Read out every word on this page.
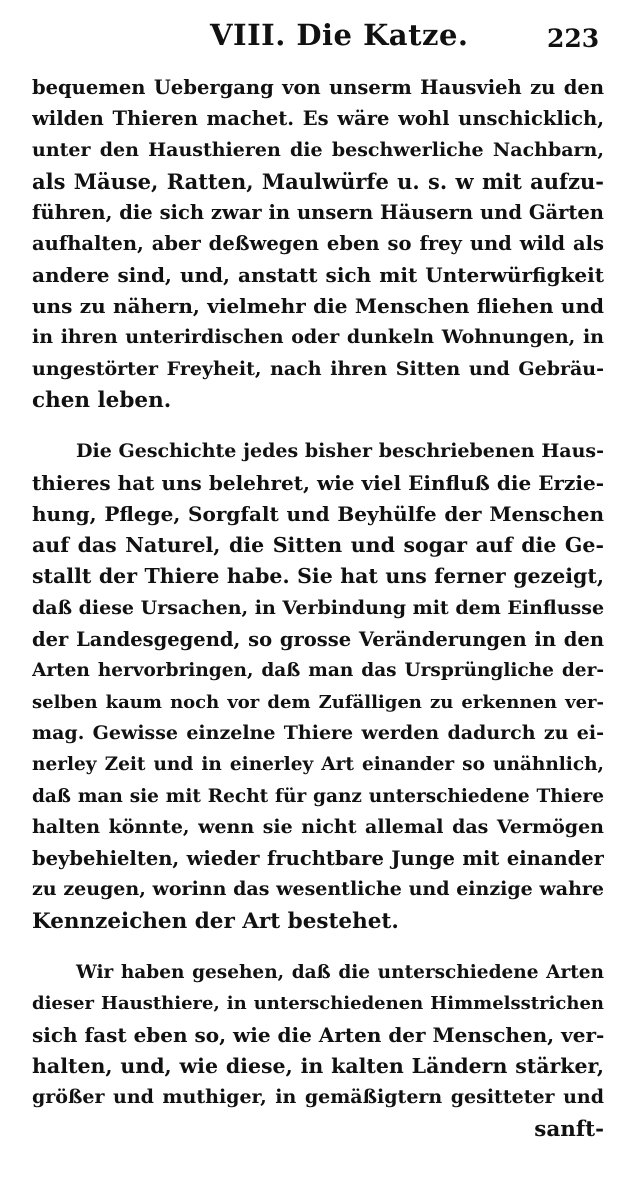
VIII. Die Katze.	223
bequemen Uebergang von unserm Hausvieh zu den
wilden Thieren machet. Es wäre wohl unschicklich,
unter den Hausthieren die beschwerliche Nachbarn,
als Mäuse, Ratten, Maulwürfe u. s. w mit aufzu-
führen, die sich zwar in unsern Häusern und Gärten
aufhalten, aber deßwegen eben so frey und wild als
andere sind, und, anstatt sich mit Unterwürfigkeit
uns zu nähern, vielmehr die Menschen fliehen und
in ihren unterirdischen oder dunkeln Wohnungen, in
ungestörter Freyheit, nach ihren Sitten und Gebräu-
chen leben.
Die Geschichte jedes bisher beschriebenen Haus-
thieres hat uns belehret, wie viel Einfluß die Erzie-
hung, Pflege, Sorgfalt und Beyhülfe der Menschen
auf das Naturel, die Sitten und sogar auf die Ge-
stallt der Thiere habe. Sie hat uns ferner gezeigt,
daß diese Ursachen, in Verbindung mit dem Einflusse
der Landesgegend, so grosse Veränderungen in den
Arten hervorbringen, daß man das Ursprüngliche der-
selben kaum noch vor dem Zufälligen zu erkennen ver-
mag. Gewisse einzelne Thiere werden dadurch zu ei-
nerley Zeit und in einerley Art einander so unähnlich,
daß man sie mit Recht für ganz unterschiedene Thiere
halten könnte, wenn sie nicht allemal das Vermögen
beybehielten, wieder fruchtbare Junge mit einander
zu zeugen, worinn das wesentliche und einzige wahre
Kennzeichen der Art bestehet.
Wir haben gesehen, daß die unterschiedene Arten
dieser Hausthiere, in unterschiedenen Himmelsstrichen
sich fast eben so, wie die Arten der Menschen, ver-
halten, und, wie diese, in kalten Ländern stärker,
größer und muthiger, in gemäßigtern gesitteter und
sanft-
